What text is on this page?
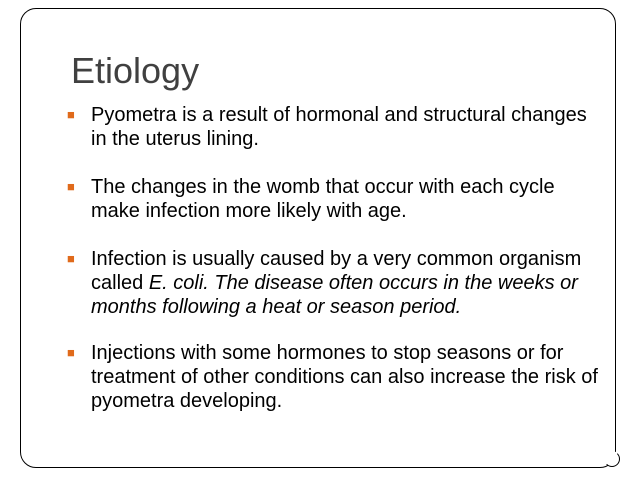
Etiology
■ Pyometra is a result of hormonal and structural changes in the uterus lining.
■ The changes in the womb that occur with each cycle make infection more likely with age.
■ Infection is usually caused by a very common organism called E. coli. The disease often occurs in the weeks or months following a heat or season period.
■ Injections with some hormones to stop seasons or for treatment of other conditions can also increase the risk of pyometra developing.
